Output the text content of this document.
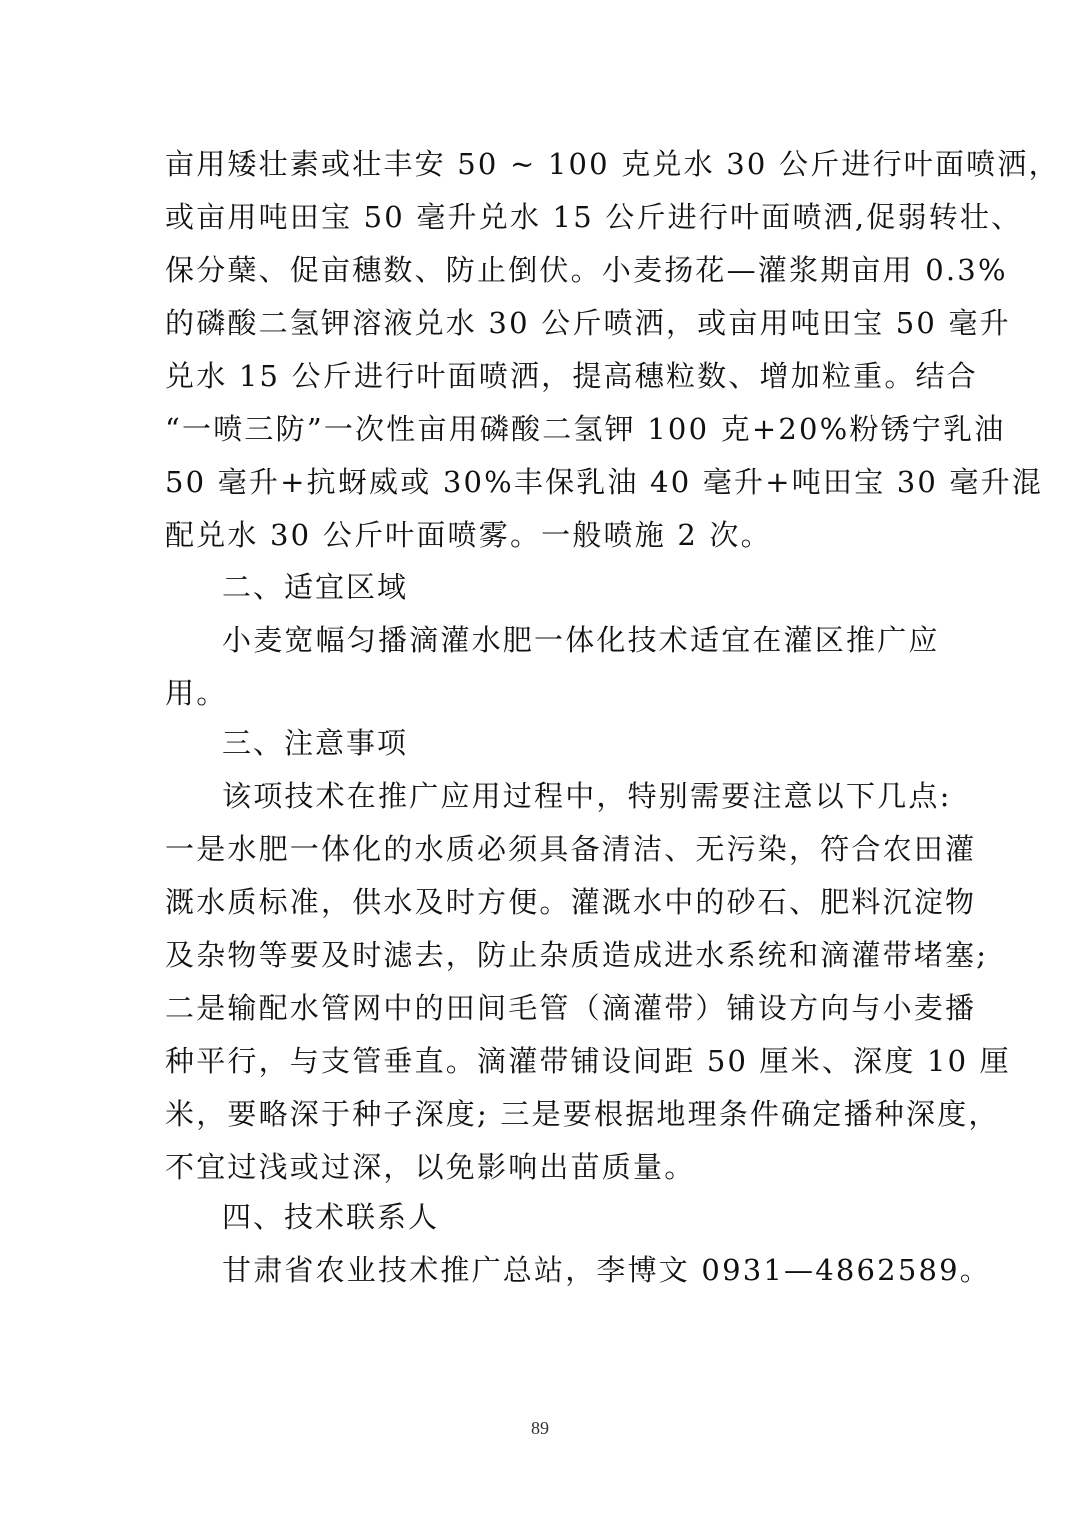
亩用矮壮素或壮丰安 50 ~ 100 克兑水 30 公斤进行叶面喷洒，
或亩用吨田宝 50 毫升兑水 15 公斤进行叶面喷洒,促弱转壮、
保分蘖、促亩穗数、防止倒伏。小麦扬花—灌浆期亩用 0.3%
的磷酸二氢钾溶液兑水 30 公斤喷洒，或亩用吨田宝 50 毫升
兑水 15 公斤进行叶面喷洒，提高穗粒数、增加粒重。结合
“一喷三防”一次性亩用磷酸二氢钾 100 克+20%粉锈宁乳油
50 毫升+抗蚜威或 30%丰保乳油 40 毫升+吨田宝 30 毫升混
配兑水 30 公斤叶面喷雾。一般喷施 2 次。
二、适宜区域
小麦宽幅匀播滴灌水肥一体化技术适宜在灌区推广应
用。
三、注意事项
该项技术在推广应用过程中，特别需要注意以下几点:
一是水肥一体化的水质必须具备清洁、无污染，符合农田灌
溉水质标准，供水及时方便。灌溉水中的砂石、肥料沉淀物
及杂物等要及时滤去，防止杂质造成进水系统和滴灌带堵塞;
二是输配水管网中的田间毛管（滴灌带）铺设方向与小麦播
种平行，与支管垂直。滴灌带铺设间距 50 厘米、深度 10 厘
米，要略深于种子深度; 三是要根据地理条件确定播种深度，
不宜过浅或过深，以免影响出苗质量。
四、技术联系人
甘肃省农业技术推广总站，李博文 0931—4862589。
89
